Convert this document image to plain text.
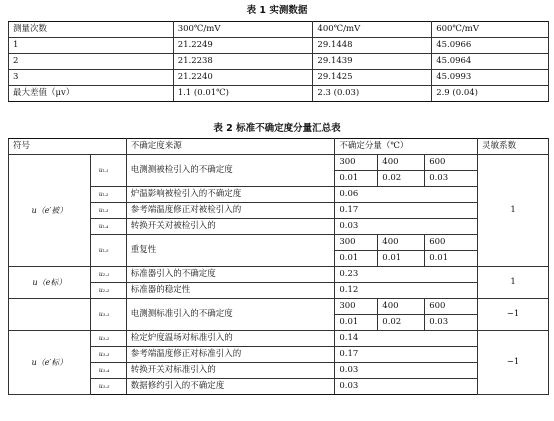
表 1 实测数据
测量次数	300℃/mV	400℃/mV	600℃/mV
1	21.2249	29.1448	45.0966
2	21.2238	29.1439	45.0964
3	21.2240	29.1425	45.0993
最大差值（μv）	1.1 (0.01℃)	2.3 (0.03)	2.9 (0.04)
表 2 标准不确定度分量汇总表
符号		不确定度来源	不确定分量（℃）			灵敏系数
u（e′被）	uₗ.₁	电测测被检引入的不确定度	300	400	600	1
			0.01	0.02	0.03	
	uₗ.₂	炉温影响被检引入的不确定度	0.06			
	uₗ.₃	参考端温度修正对被检引入的	0.17			
	uₗ.₄	转换开关对被检引入的	0.03			
	uₗ.₅	重复性	300	400	600	
			0.01	0.01	0.01	
u（e标）	u₂.₁	标准器引入的不确定度	0.23			1
	u₂.₂	标准器的稳定性	0.12			
	u₃.₁	电测测标准引入的不确定度	300	400	600	−1
			0.01	0.02	0.03	
u（e′标）	u₃.₂	检定炉度温场对标准引入的	0.14			−1
	u₃.₃	参考端温度修正对标准引入的	0.17			
	u₃.₄	转换开关对标准引入的	0.03			
	u₃.₅	数据修约引入的不确定度	0.03			
